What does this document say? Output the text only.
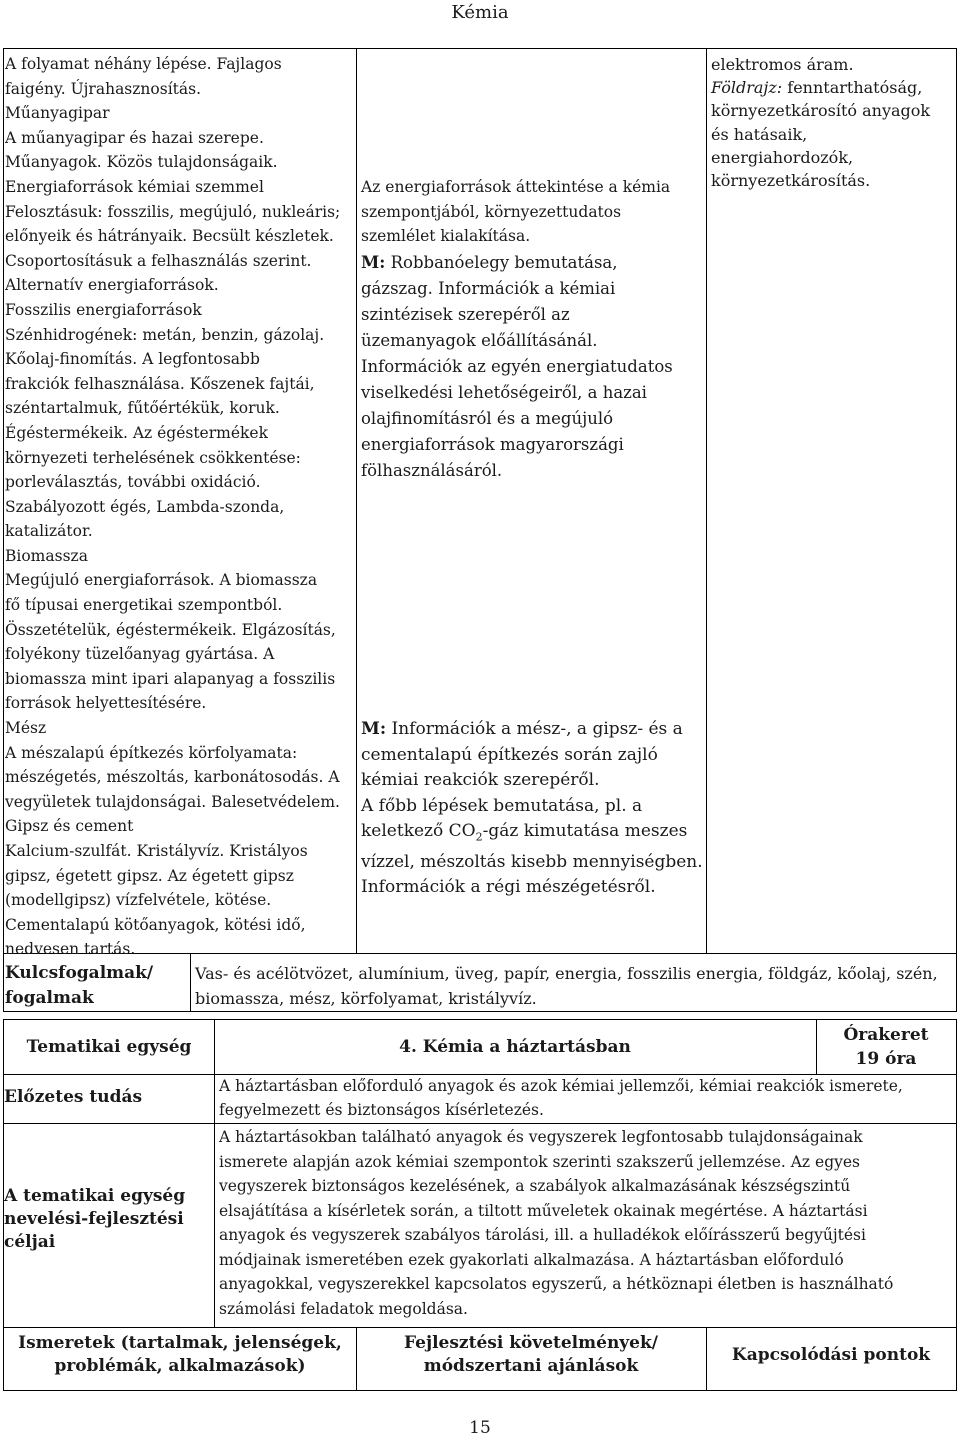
Kémia
A folyamat néhány lépése. Fajlagos
faigény. Újrahasznosítás.
Műanyagipar
A műanyagipar és hazai szerepe.
Műanyagok. Közös tulajdonságaik.
Energiaforrások kémiai szemmel
Felosztásuk: fosszilis, megújuló, nukleáris;
előnyeik és hátrányaik. Becsült készletek.
Csoportosításuk a felhasználás szerint.
Alternatív energiaforrások.
Fosszilis energiaforrások
Szénhidrogének: metán, benzin, gázolaj.
Kőolaj-finomítás. A legfontosabb
frakciók felhasználása. Kőszenek fajtái,
széntartalmuk, fűtőértékük, koruk.
Égéstermékeik. Az égéstermékek
környezeti terhelésének csökkentése:
porleválasztás, további oxidáció.
Szabályozott égés, Lambda-szonda,
katalizátor.
Biomassza
Megújuló energiaforrások. A biomassza
fő típusai energetikai szempontból.
Összetételük, égéstermékeik. Elgázosítás,
folyékony tüzelőanyag gyártása. A
biomassza mint ipari alapanyag a fosszilis
források helyettesítésére.
Mész
A mészalapú építkezés körfolyamata:
mészégetés, mészoltás, karbonátosodás. A
vegyületek tulajdonságai. Balesetvédelem.
Gipsz és cement
Kalcium-szulfát. Kristályvíz. Kristályos
gipsz, égetett gipsz. Az égetett gipsz
(modellgipsz) vízfelvétele, kötése.
Cementalapú kötőanyagok, kötési idő,
nedvesen tartás.
Az energiaforrások áttekintése a kémia
szempontjából, környezettudatos
szemlélet kialakítása.
M: Robbanóelegy bemutatása,
gázszag. Információk a kémiai
szintézisek szerepéről az
üzemanyagok előállításánál.
Információk az egyén energiatudatos
viselkedési lehetőségeiről, a hazai
olajfinomításról és a megújuló
energiaforrások magyarországi
fölhasználásáról.
M: Információk a mész-, a gipsz- és a
cementalapú építkezés során zajló
kémiai reakciók szerepéről.
A főbb lépések bemutatása, pl. a
keletkező $CO_2$-gáz kimutatása meszes
vízzel, mészoltás kisebb mennyiségben.
Információk a régi mészégetésről.
elektromos áram.
Földrajz: fenntarthatóság,
környezetkárosító anyagok
és hatásaik,
energiahordozók,
környezetkárosítás.
Kulcsfogalmak/
fogalmak
Vas- és acélötvözet, alumínium, üveg, papír, energia, fosszilis energia, földgáz, kőolaj, szén,
biomassza, mész, körfolyamat, kristályvíz.
Tematikai egység	4. Kémia a háztartásban
Órakeret
19 óra
Előzetes tudás
A háztartásban előforduló anyagok és azok kémiai jellemzői, kémiai reakciók ismerete,
fegyelmezett és biztonságos kísérletezés.
A tematikai egység
nevelési-fejlesztési
céljai
A háztartásokban található anyagok és vegyszerek legfontosabb tulajdonságainak
ismerete alapján azok kémiai szempontok szerinti szakszerű jellemzése. Az egyes
vegyszerek biztonságos kezelésének, a szabályok alkalmazásának készségszintű
elsajátítása a kísérletek során, a tiltott műveletek okainak megértése. A háztartási
anyagok és vegyszerek szabályos tárolási, ill. a hulladékok előírásszerű begyűjtési
módjainak ismeretében ezek gyakorlati alkalmazása. A háztartásban előforduló
anyagokkal, vegyszerekkel kapcsolatos egyszerű, a hétköznapi életben is használható
számolási feladatok megoldása.
Ismeretek (tartalmak, jelenségek,
problémák, alkalmazások)
Fejlesztési követelmények/
módszertani ajánlások
Kapcsolódási pontok
15
